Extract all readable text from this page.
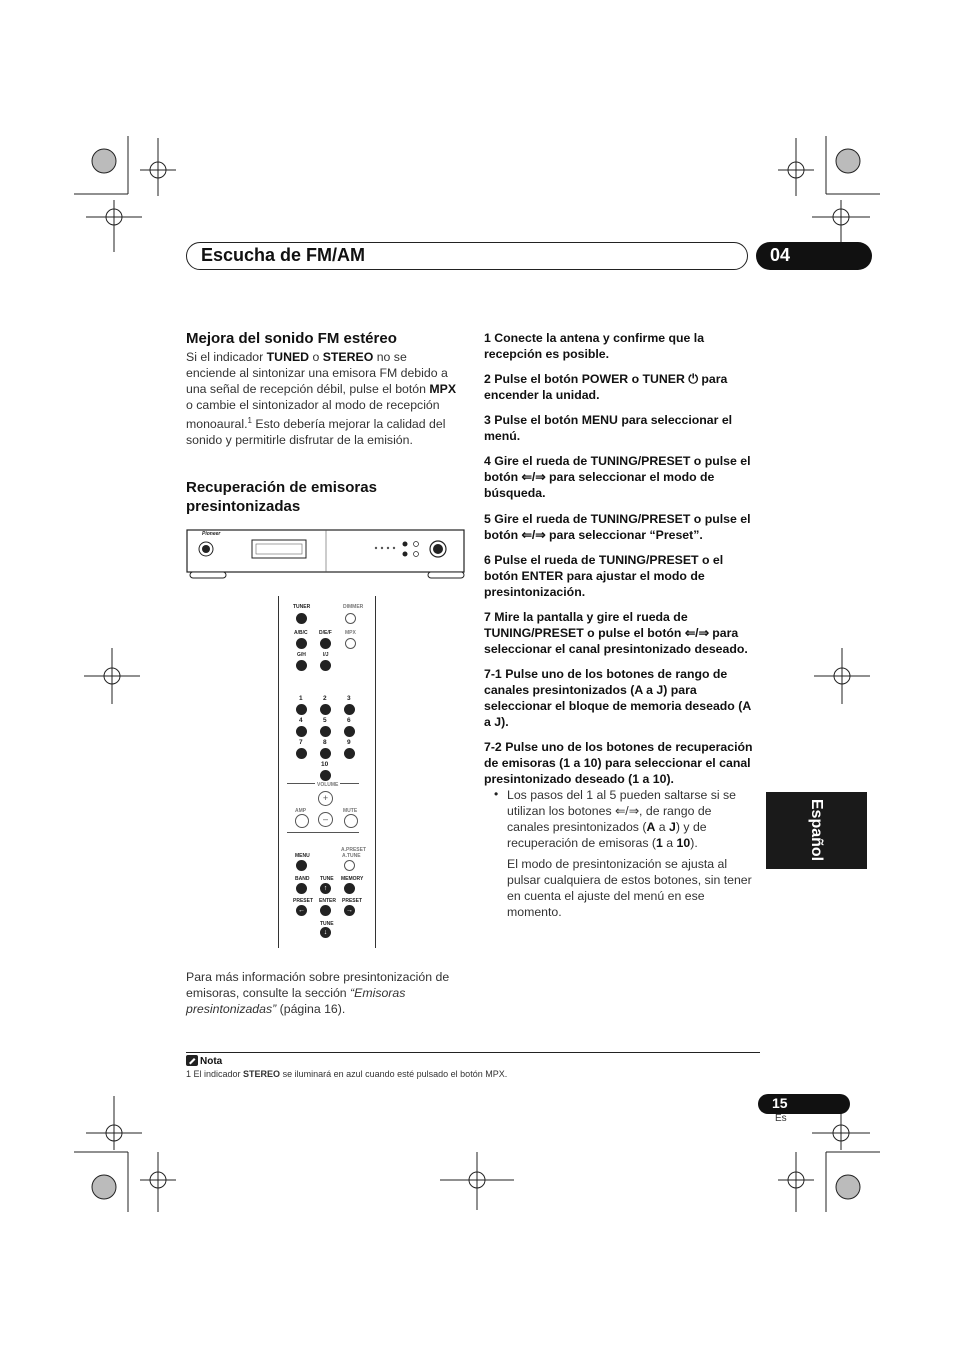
Escucha de FM/AM	04
Mejora del sonido FM estéreo
Si el indicador TUNED o STEREO no se enciende al sintonizar una emisora FM debido a una señal de recepción débil, pulse el botón MPX o cambie el sintonizador al modo de recepción monoaural.$^1$ Esto debería mejorar la calidad del sonido y permitirle disfrutar de la emisión.
Recuperación de emisoras presintonizadas
Pioneer
TUNER	DIMMER
A/B/C D/E/F	MPX
G/H	I/J
1	2	3
4	5	6
7	8	9
10
VOLUME
+
AMP	MUTE
–
A.PRESET
A.TUNE
MENU
BAND TUNE MEMORY
↑
PRESET ENTER PRESET
←	→
TUNE
↓
Para más información sobre presintonización de emisoras, consulte la sección “Emisoras presintonizadas” (página 16).
1 Conecte la antena y confirme que la recepción es posible.
2 Pulse el botón POWER o TUNER ⏻ para encender la unidad.
3 Pulse el botón MENU para seleccionar el menú.
4 Gire el rueda de TUNING/PRESET o pulse el botón ⇐/⇒ para seleccionar el modo de búsqueda.
5 Gire el rueda de TUNING/PRESET o pulse el botón ⇐/⇒ para seleccionar “Preset”.
6 Pulse el rueda de TUNING/PRESET o el botón ENTER para ajustar el modo de presintonización.
7 Mire la pantalla y gire el rueda de TUNING/PRESET o pulse el botón ⇐/⇒ para seleccionar el canal presintonizado deseado.
7-1 Pulse uno de los botones de rango de canales presintonizados (A a J) para seleccionar el bloque de memoria deseado (A a J).
7-2 Pulse uno de los botones de recuperación de emisoras (1 a 10) para seleccionar el canal presintonizado deseado (1 a 10).
• Los pasos del 1 al 5 pueden saltarse si se utilizan los botones ⇐/⇒, de rango de canales presintonizados (A a J) y de recuperación de emisoras (1 a 10).
El modo de presintonización se ajusta al pulsar cualquiera de estos botones, sin tener en cuenta el ajuste del menú en ese momento.
Español
Nota
1 El indicador STEREO se iluminará en azul cuando esté pulsado el botón MPX.
15
Es
